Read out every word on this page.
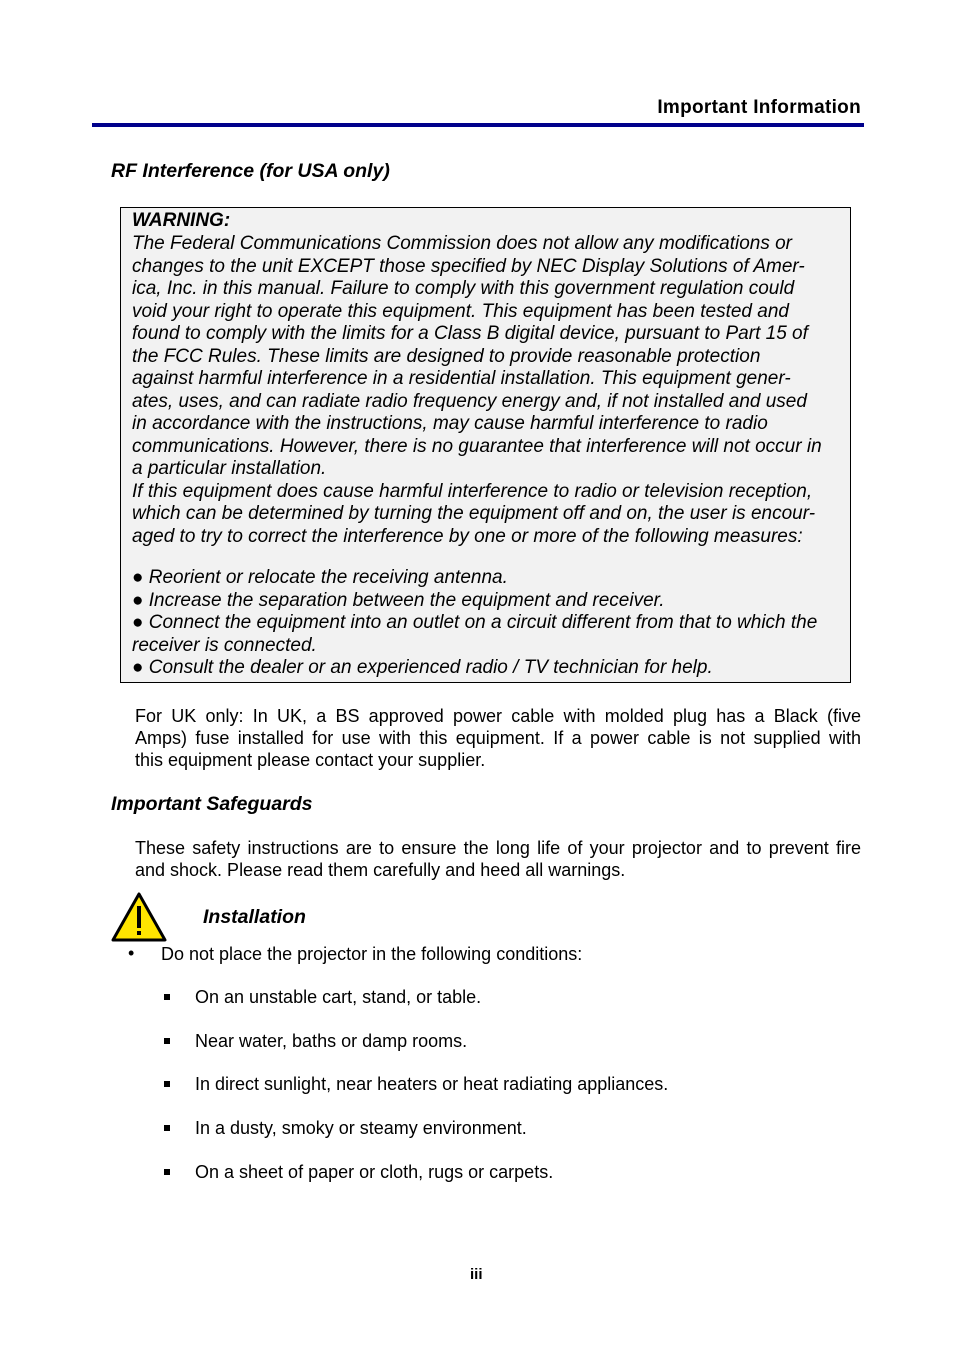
Important Information
RF Interference (for USA only)
WARNING:
The Federal Communications Commission does not allow any modifications or
changes to the unit EXCEPT those specified by NEC Display Solutions of Amer-
ica, Inc. in this manual. Failure to comply with this government regulation could
void your right to operate this equipment. This equipment has been tested and
found to comply with the limits for a Class B digital device, pursuant to Part 15 of
the FCC Rules. These limits are designed to provide reasonable protection
against harmful interference in a residential installation. This equipment gener-
ates, uses, and can radiate radio frequency energy and, if not installed and used
in accordance with the instructions, may cause harmful interference to radio
communications. However, there is no guarantee that interference will not occur in
a particular installation.
If this equipment does cause harmful interference to radio or television reception,
which can be determined by turning the equipment off and on, the user is encour-
aged to try to correct the interference by one or more of the following measures:
● Reorient or relocate the receiving antenna.
● Increase the separation between the equipment and receiver.
● Connect the equipment into an outlet on a circuit different from that to which the
receiver is connected.
● Consult the dealer or an experienced radio / TV technician for help.
For UK only: In UK, a BS approved power cable with molded plug has a Black (five
Amps) fuse installed for use with this equipment. If a power cable is not supplied with
this equipment please contact your supplier.
Important Safeguards
These safety instructions are to ensure the long life of your projector and to prevent fire
and shock. Please read them carefully and heed all warnings.
Installation
• Do not place the projector in the following conditions:
On an unstable cart, stand, or table.
Near water, baths or damp rooms.
In direct sunlight, near heaters or heat radiating appliances.
In a dusty, smoky or steamy environment.
On a sheet of paper or cloth, rugs or carpets.
iii
